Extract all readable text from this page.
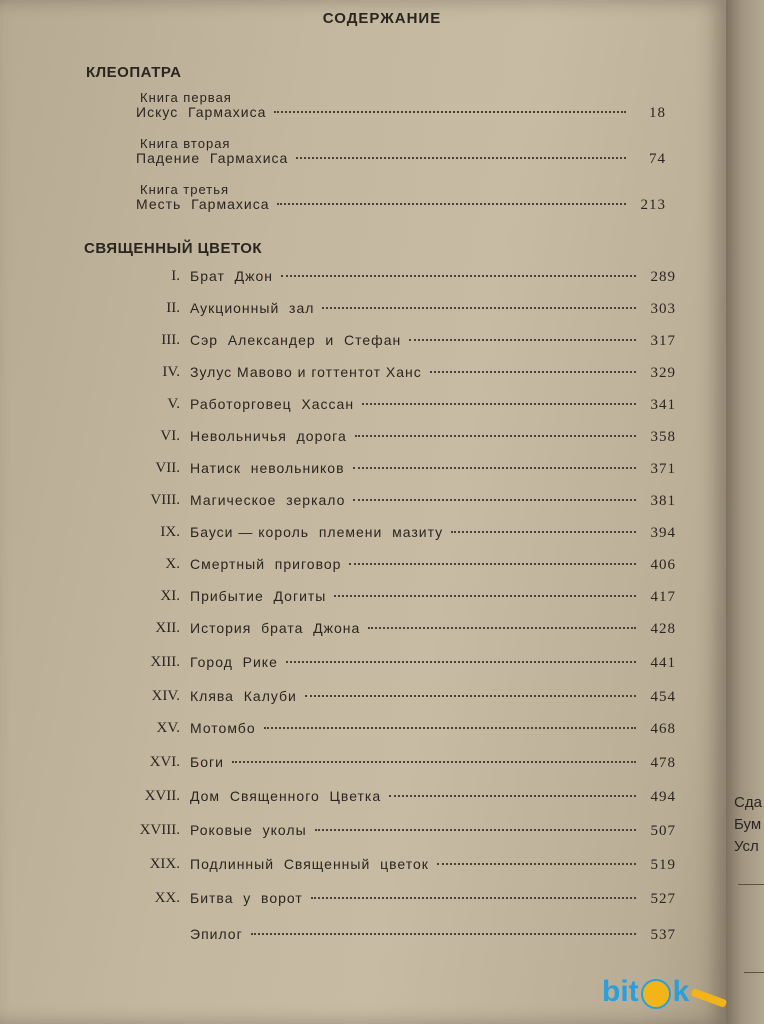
Сда
Бум
Усл
СОДЕРЖАНИЕ
КЛЕОПАТРА
Книга первая
Искус  Гармахиса	18
Книга вторая
Падение  Гармахиса	74
Книга третья
Месть  Гармахиса	213
СВЯЩЕННЫЙ ЦВЕТОК
I. Брат  Джон	289
II. Аукционный  зал	303
III. Сэр  Александер  и  Стефан	317
IV. Зулус Мавово и готтентот Ханс	329
V. Работорговец  Хассан	341
VI. Невольничья  дорога	358
VII. Натиск  невольников	371
VIII. Магическое  зеркало	381
IX. Бауси — король  племени  мазиту	394
X. Смертный  приговор	406
XI. Прибытие  Догиты	417
XII. История  брата  Джона	428
XIII. Город  Рике	441
XIV. Клява  Калуби	454
XV. Мотомбо	468
XVI. Боги	478
XVII. Дом  Священного  Цветка	494
XVIII. Роковые  уколы	507
XIX. Подлинный  Священный  цветок	519
XX. Битва  у  ворот	527
Эпилог	537
bit k
